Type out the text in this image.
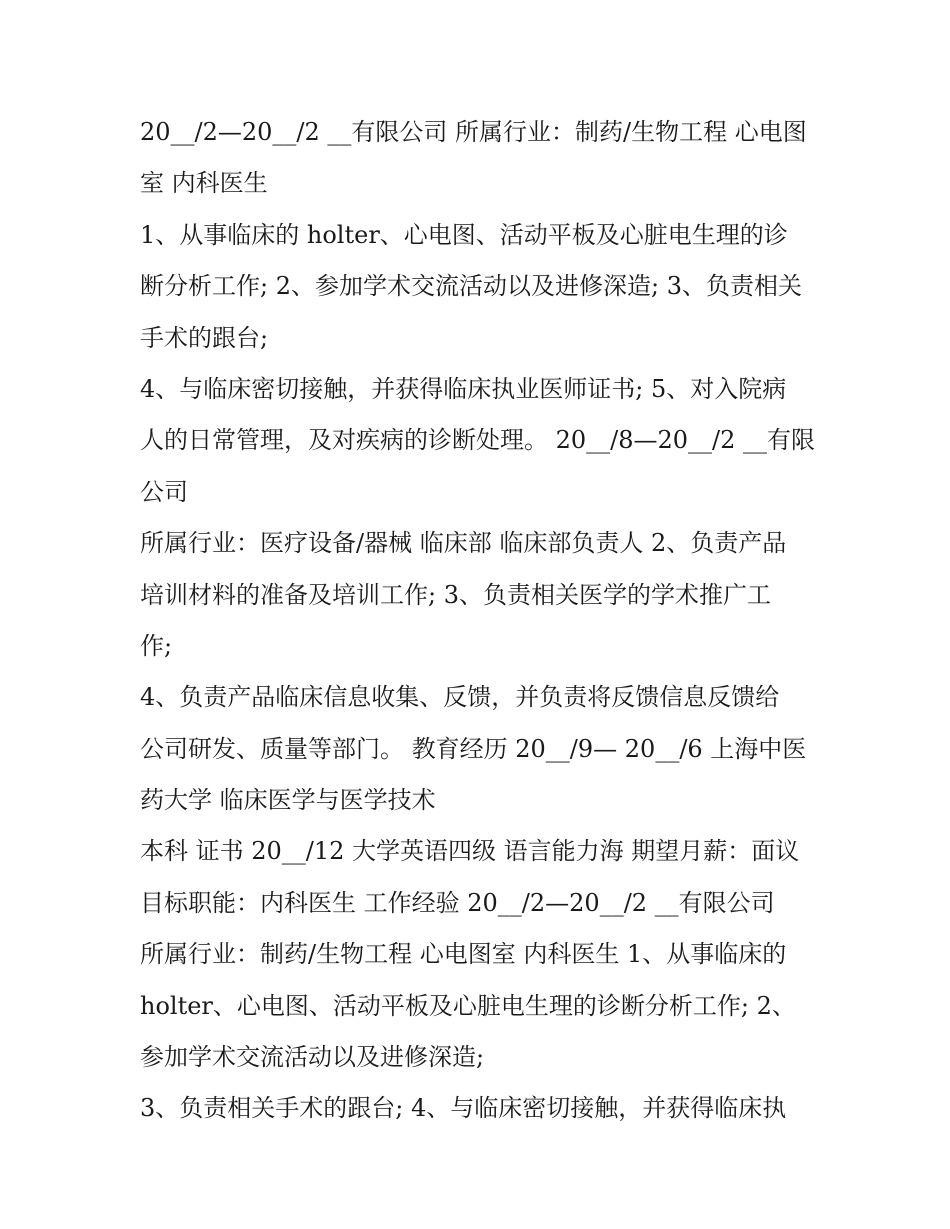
20__/2—20__/2 __有限公司 所属行业：制药/生物工程 心电图
室 内科医生
1、从事临床的 holter、心电图、活动平板及心脏电生理的诊
断分析工作; 2、参加学术交流活动以及进修深造; 3、负责相关
手术的跟台;
4、与临床密切接触，并获得临床执业医师证书; 5、对入院病
人的日常管理，及对疾病的诊断处理。 20__/8—20__/2 __有限
公司
所属行业：医疗设备/器械 临床部 临床部负责人 2、负责产品
培训材料的准备及培训工作; 3、负责相关医学的学术推广工
作;
4、负责产品临床信息收集、反馈，并负责将反馈信息反馈给
公司研发、质量等部门。 教育经历 20__/9— 20__/6 上海中医
药大学 临床医学与医学技术
本科 证书 20__/12 大学英语四级 语言能力海 期望月薪：面议
目标职能：内科医生 工作经验 20__/2—20__/2 __有限公司
所属行业：制药/生物工程 心电图室 内科医生 1、从事临床的
holter、心电图、活动平板及心脏电生理的诊断分析工作; 2、
参加学术交流活动以及进修深造;
3、负责相关手术的跟台; 4、与临床密切接触，并获得临床执
